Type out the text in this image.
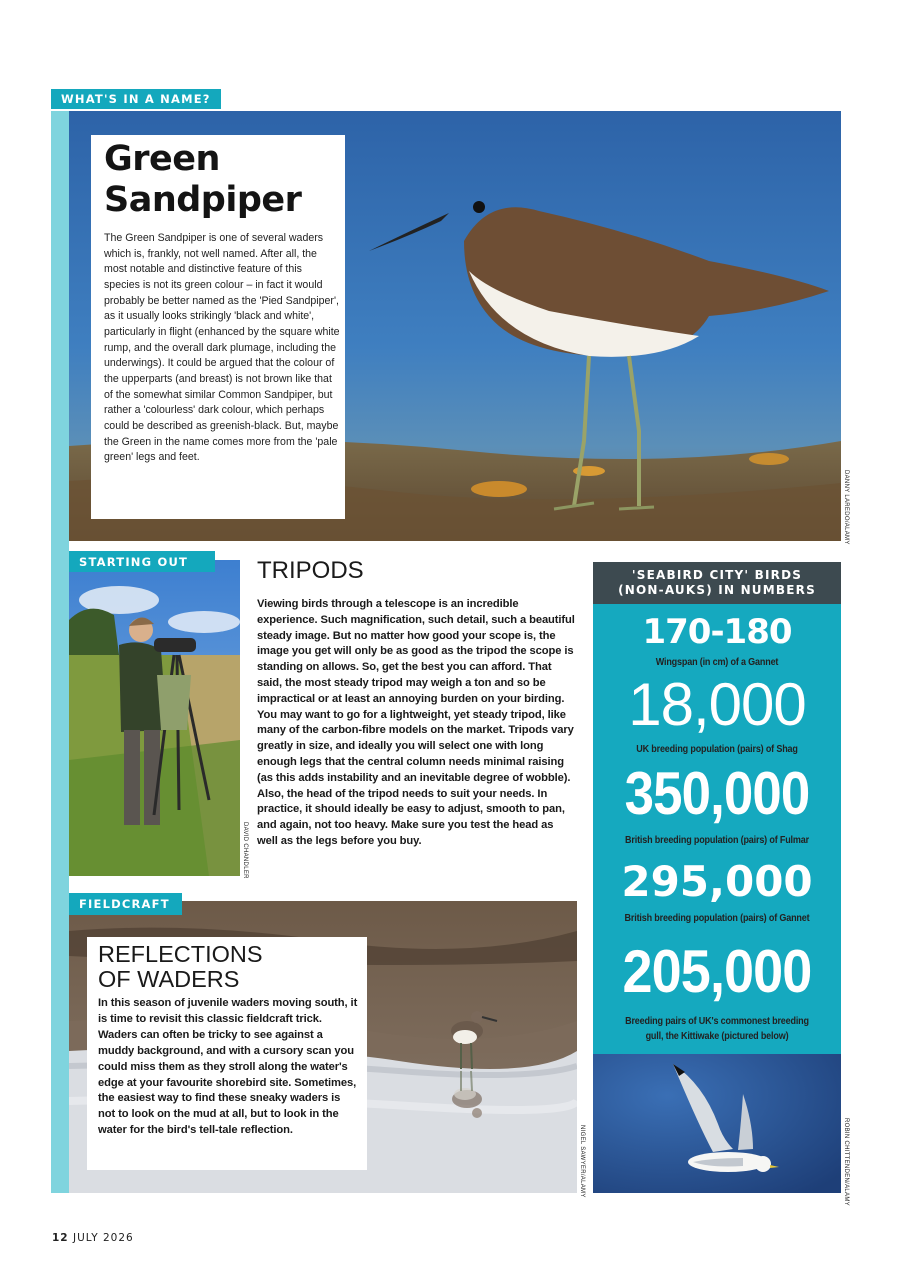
WHAT'S IN A NAME?
DANNY LAREDO/ALAMY
Green
Sandpiper
The Green Sandpiper is one of several waders which is, frankly, not well named. After all, the most notable and distinctive feature of this species is not its green colour – in fact it would probably be better named as the 'Pied Sandpiper', as it usually looks strikingly 'black and white', particularly in flight (enhanced by the square white rump, and the overall dark plumage, including the underwings). It could be argued that the colour of the upperparts (and breast) is not brown like that of the somewhat similar Common Sandpiper, but rather a 'colourless' dark colour, which perhaps could be described as greenish-black. But, maybe the Green in the name comes more from the 'pale green' legs and feet.
STARTING OUT
DAVID CHANDLER
TRIPODS
Viewing birds through a telescope is an incredible experience. Such magnification, such detail, such a beautiful steady image. But no matter how good your scope is, the image you get will only be as good as the tripod the scope is standing on allows. So, get the best you can afford. That said, the most steady tripod may weigh a ton and so be impractical or at least an annoying burden on your birding. You may want to go for a lightweight, yet steady tripod, like many of the carbon-fibre models on the market. Tripods vary greatly in size, and ideally you will select one with long enough legs that the central column needs minimal raising (as this adds instability and an inevitable degree of wobble). Also, the head of the tripod needs to suit your needs. In practice, it should ideally be easy to adjust, smooth to pan, and again, not too heavy. Make sure you test the head as well as the legs before you buy.
FIELDCRAFT
NIGEL SAWYER/ALAMY
REFLECTIONS
OF WADERS
In this season of juvenile waders moving south, it is time to revisit this classic fieldcraft trick. Waders can often be tricky to see against a muddy background, and with a cursory scan you could miss them as they stroll along the water's edge at your favourite shorebird site. Sometimes, the easiest way to find these sneaky waders is not to look on the mud at all, but to look in the water for the bird's tell-tale reflection.
'SEABIRD CITY' BIRDS
(NON-AUKS) IN NUMBERS
170-180
Wingspan (in cm) of a Gannet
18,000
UK breeding population (pairs) of Shag
350,000
British breeding population (pairs) of Fulmar
295,000
British breeding population (pairs) of Gannet
205,000
Breeding pairs of UK's commonest breeding gull, the Kittiwake (pictured below)
ROBIN CHITTENDEN/ALAMY
12 JULY 2026
